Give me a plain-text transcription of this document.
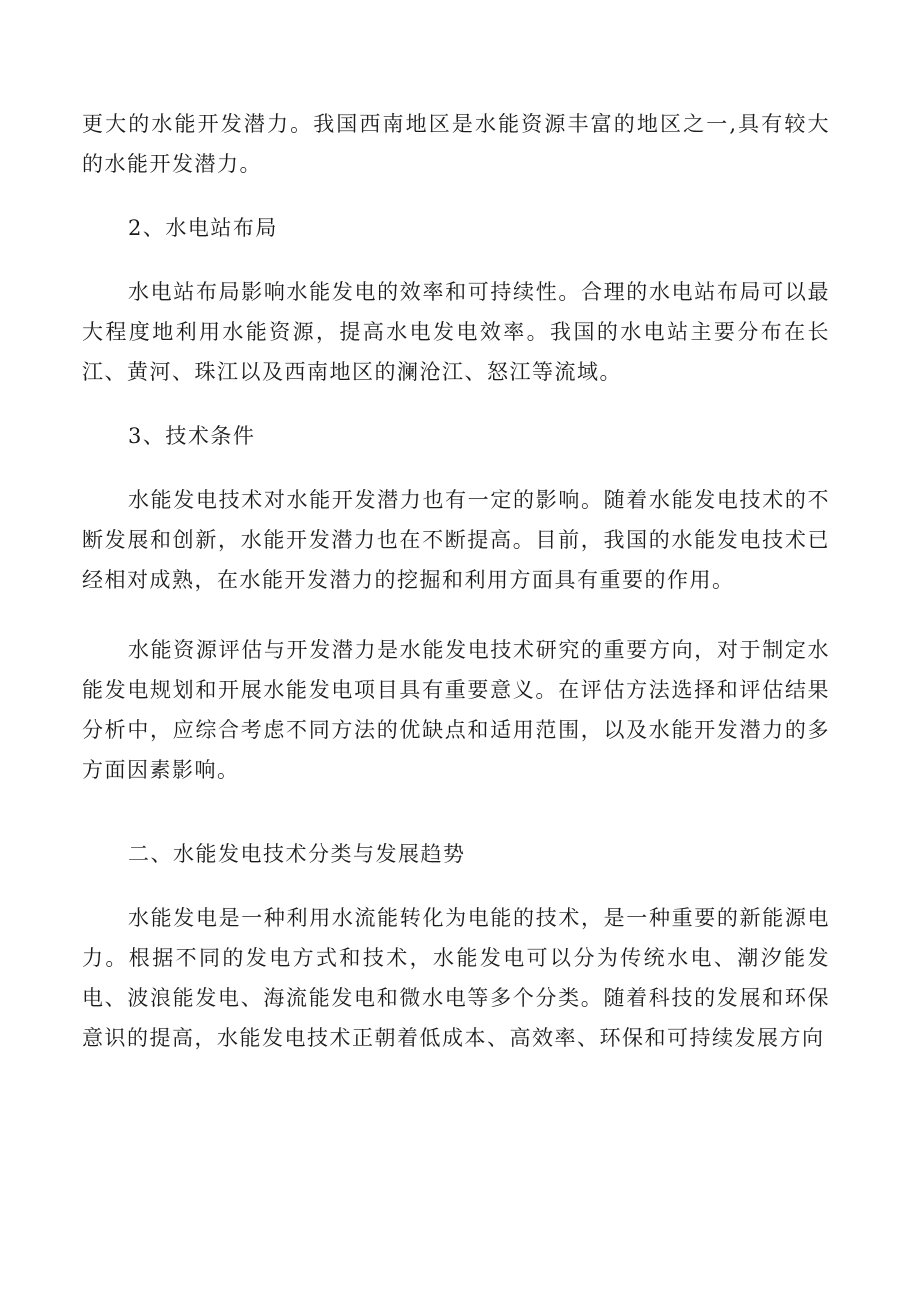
更大的水能开发潜力。我国西南地区是水能资源丰富的地区之一,具有较大的水能开发潜力。

2、水电站布局

水电站布局影响水能发电的效率和可持续性。合理的水电站布局可以最大程度地利用水能资源，提高水电发电效率。我国的水电站主要分布在长江、黄河、珠江以及西南地区的澜沧江、怒江等流域。

3、技术条件

水能发电技术对水能开发潜力也有一定的影响。随着水能发电技术的不断发展和创新，水能开发潜力也在不断提高。目前，我国的水能发电技术已经相对成熟，在水能开发潜力的挖掘和利用方面具有重要的作用。

水能资源评估与开发潜力是水能发电技术研究的重要方向，对于制定水能发电规划和开展水能发电项目具有重要意义。在评估方法选择和评估结果分析中，应综合考虑不同方法的优缺点和适用范围，以及水能开发潜力的多方面因素影响。

二、水能发电技术分类与发展趋势

水能发电是一种利用水流能转化为电能的技术，是一种重要的新能源电力。根据不同的发电方式和技术，水能发电可以分为传统水电、潮汐能发电、波浪能发电、海流能发电和微水电等多个分类。随着科技的发展和环保意识的提高，水能发电技术正朝着低成本、高效率、环保和可持续发展方向
